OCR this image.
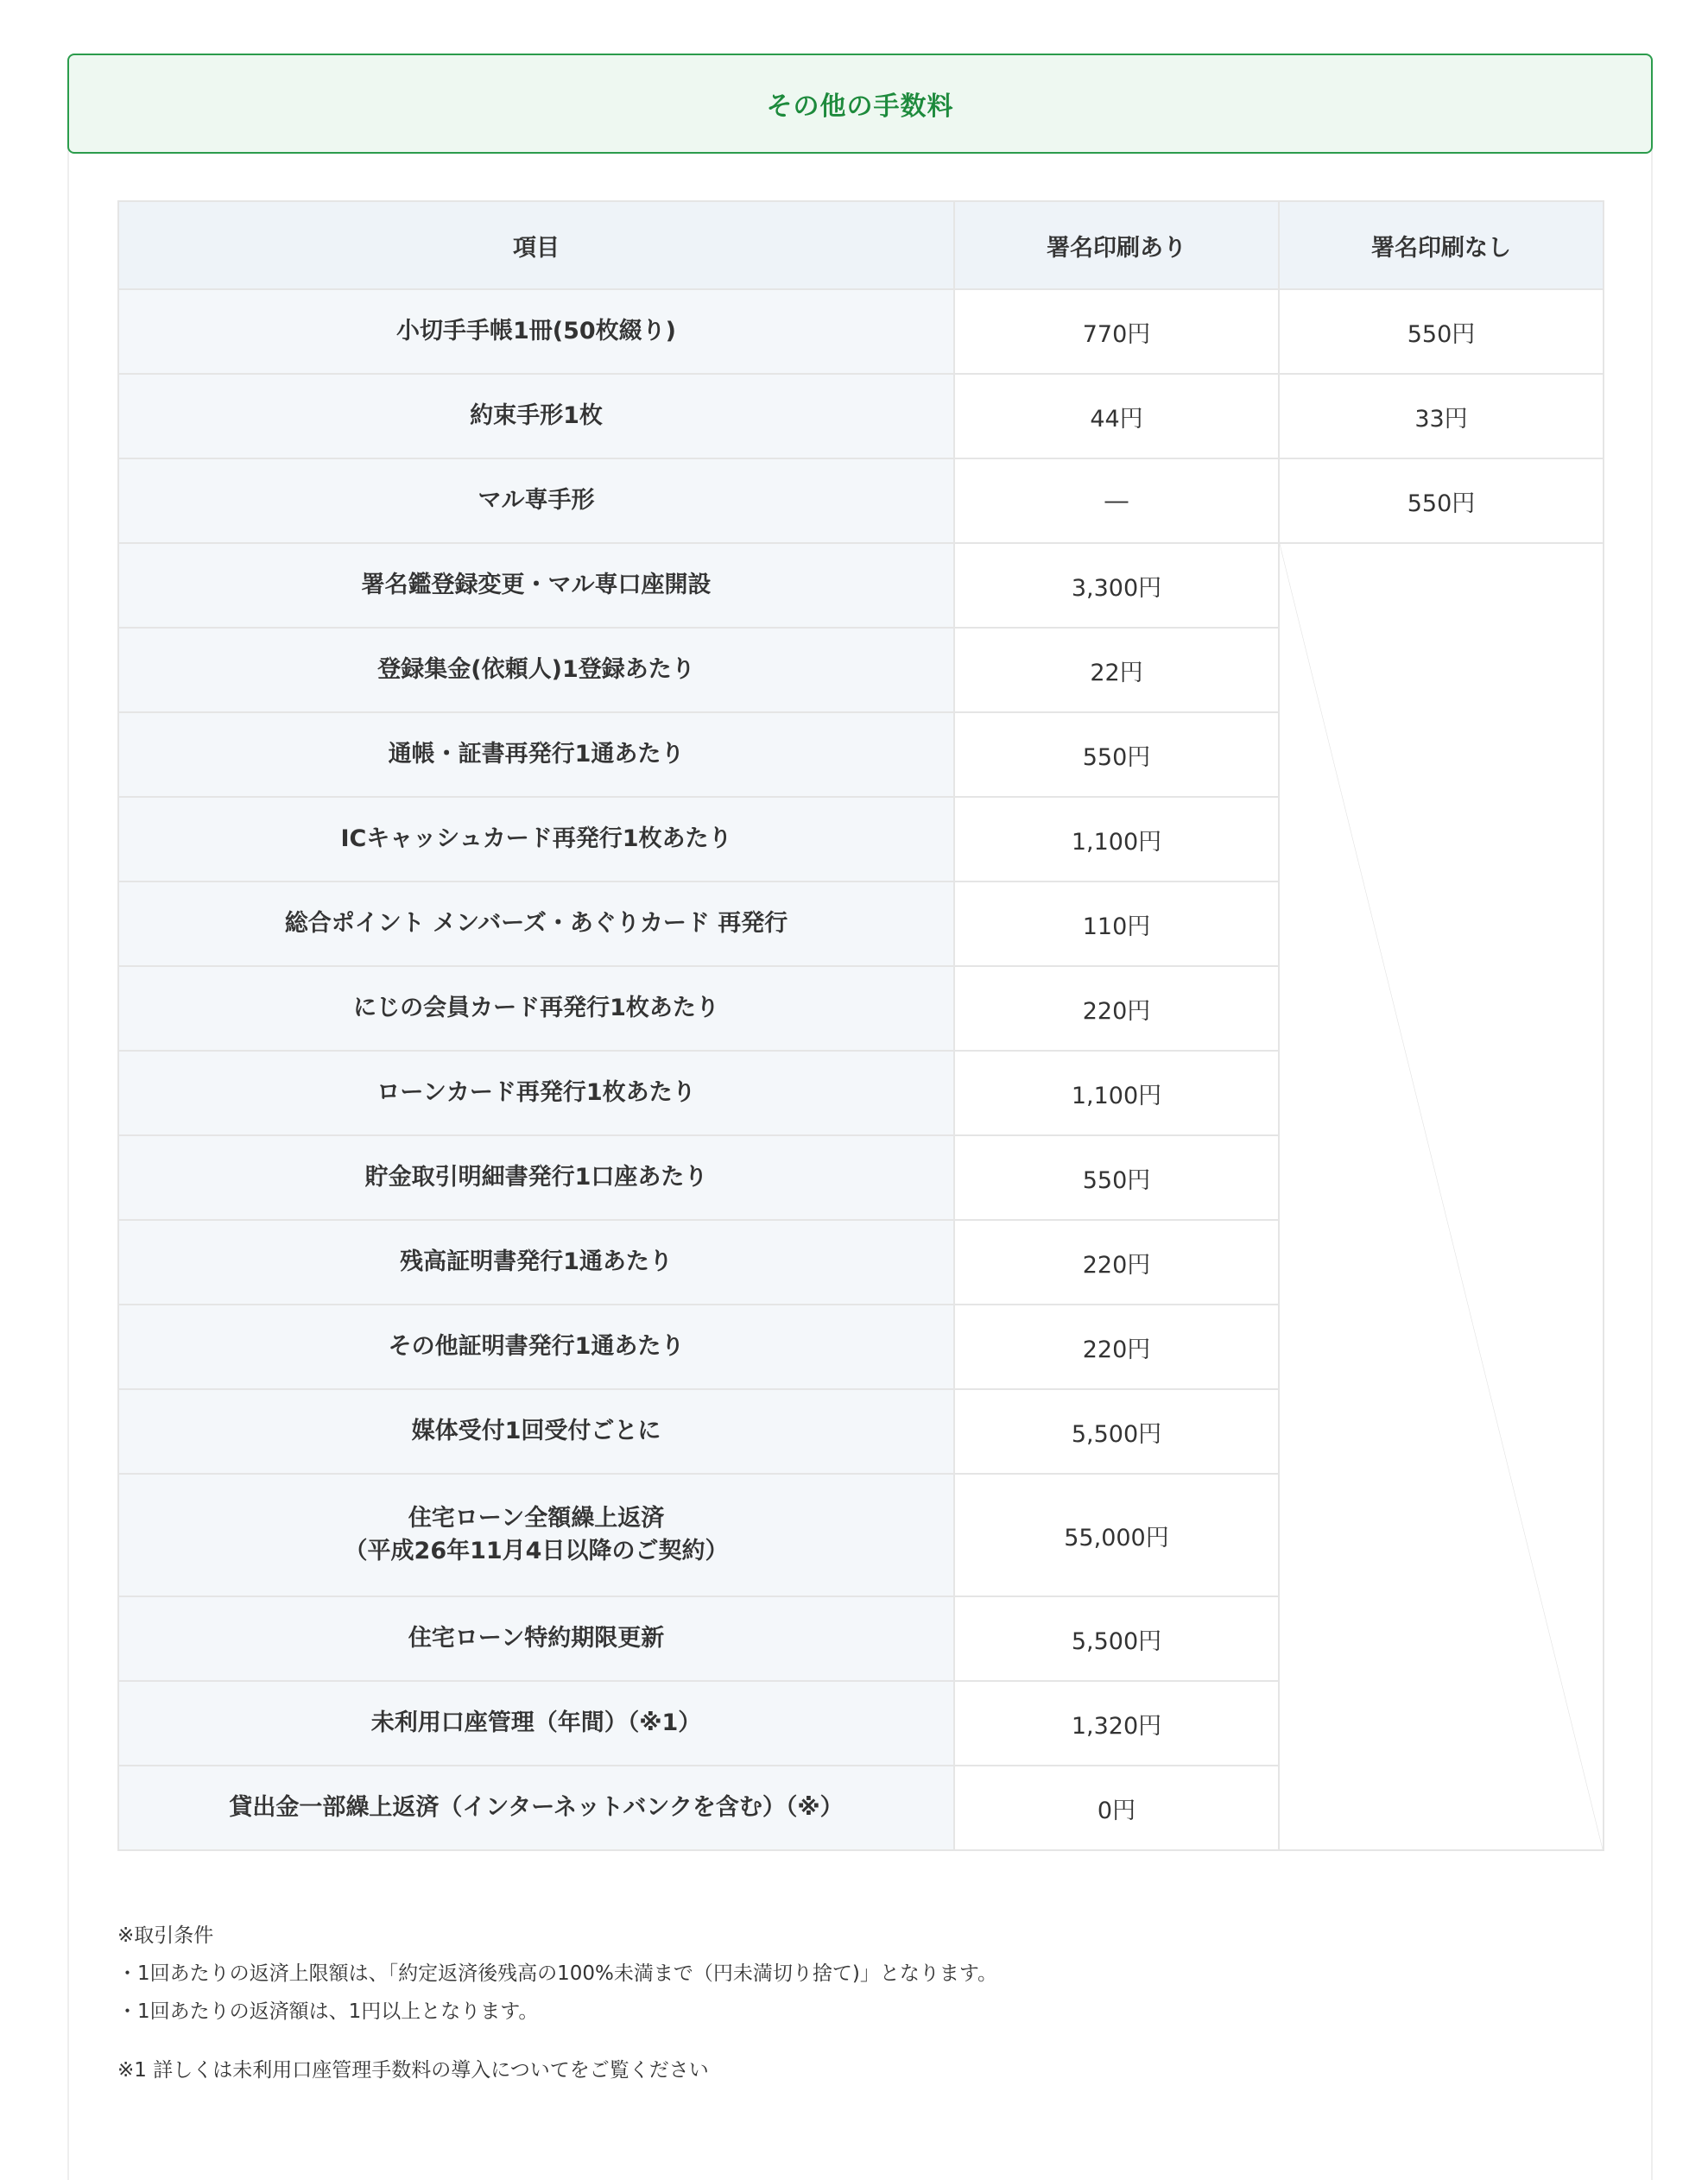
その他の手数料
項目	署名印刷あり	署名印刷なし
小切手手帳1冊(50枚綴り)	770円	550円
約束手形1枚	44円	33円
マル専手形	―	550円
署名鑑登録変更・マル専口座開設	3,300円	

登録集金(依頼人)1登録あたり	22円	
通帳・証書再発行1通あたり	550円	
ICキャッシュカード再発行1枚あたり	1,100円	
総合ポイント メンバーズ・あぐりカード 再発行	110円	
にじの会員カード再発行1枚あたり	220円	
ローンカード再発行1枚あたり	1,100円	
貯金取引明細書発行1口座あたり	550円	
残高証明書発行1通あたり	220円	
その他証明書発行1通あたり	220円	
媒体受付1回受付ごとに	5,500円	

住宅ローン全額繰上返済
（平成26年11月4日以降のご契約）	55,000円	
住宅ローン特約期限更新	5,500円	
未利用口座管理（年間）（※1）	1,320円	
貸出金一部繰上返済（インターネットバンクを含む）（※）	0円	
※取引条件
・1回あたりの返済上限額は、「約定返済後残高の100%未満まで（円未満切り捨て)」となります。
・1回あたりの返済額は、1円以上となります。
※1 詳しくは未利用口座管理手数料の導入についてをご覧ください
